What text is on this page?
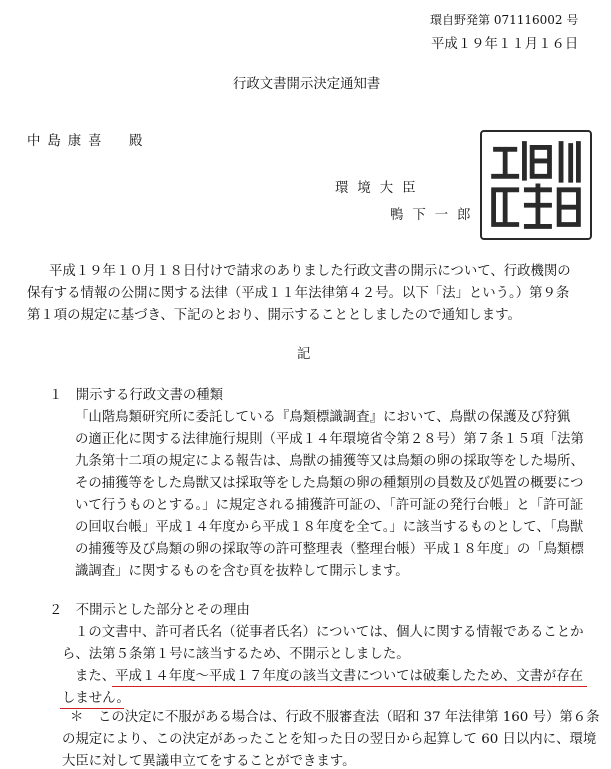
環自野発第 071116002 号
平成１９年１１月１６日
行政文書開示決定通知書
中島康喜　殿
環境大臣
鴨下一郎
平成１９年１０月１８日付けで請求のありました行政文書の開示について、行政機関の
保有する情報の公開に関する法律（平成１１年法律第４２号。以下「法」という。）第９条
第１項の規定に基づき、下記のとおり、開示することとしましたので通知します。
記
１　開示する行政文書の種類
「山階鳥類研究所に委託している『鳥類標識調査』において、鳥獣の保護及び狩猟
の適正化に関する法律施行規則（平成１４年環境省令第２８号）第７条１５項「法第
九条第十二項の規定による報告は、鳥獣の捕獲等又は鳥類の卵の採取等をした場所、
その捕獲等をした鳥獣又は採取等をした鳥類の卵の種類別の員数及び処置の概要につ
いて行うものとする。」に規定される捕獲許可証の、「許可証の発行台帳」と「許可証
の回収台帳」平成１４年度から平成１８年度を全て。」に該当するものとして、「鳥獣
の捕獲等及び鳥類の卵の採取等の許可整理表（整理台帳）平成１８年度」の「鳥類標
識調査」に関するものを含む頁を抜粋して開示します。
２　不開示とした部分とその理由
１の文書中、許可者氏名（従事者氏名）については、個人に関する情報であることか
ら、法第５条第１号に該当するため、不開示としました。
また、平成１４年度～平成１７年度の該当文書については破棄したため、文書が存在
しません。
＊ この決定に不服がある場合は、行政不服審査法（昭和 37 年法律第 160 号）第６条
の規定により、この決定があったことを知った日の翌日から起算して 60 日以内に、環境
大臣に対して異議申立てをすることができます。
